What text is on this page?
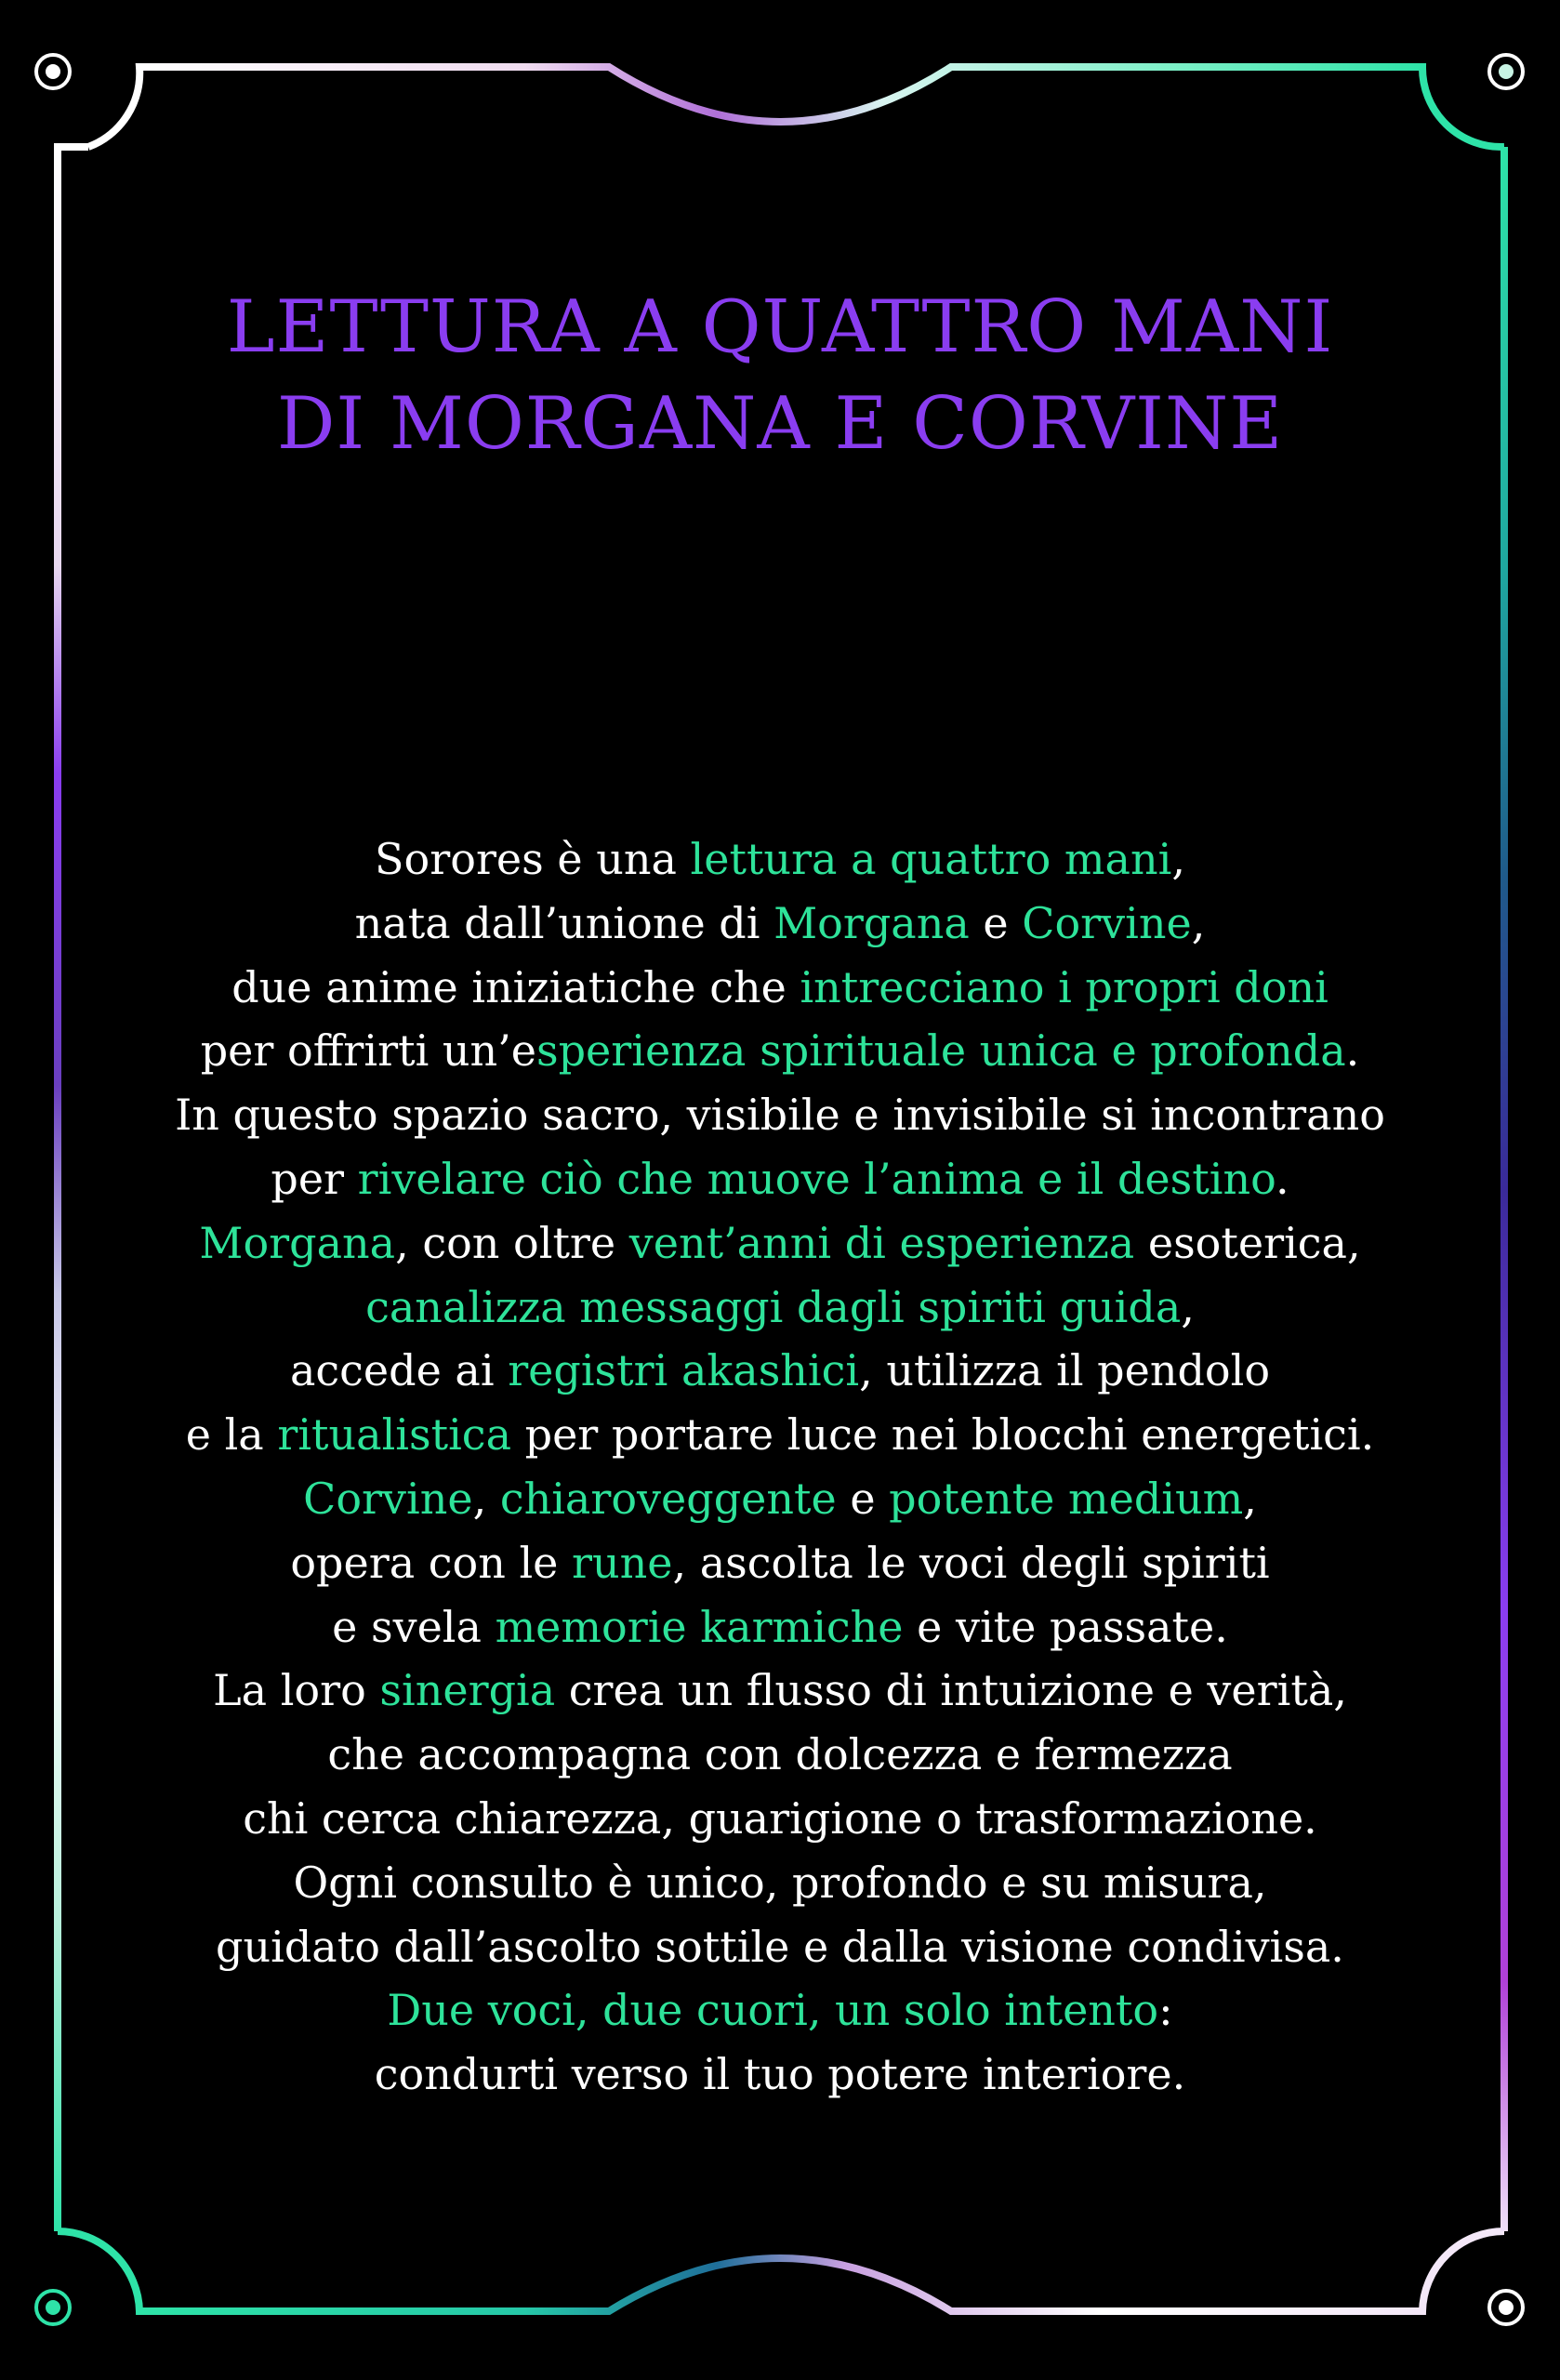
LETTURA A QUATTRO MANI
DI MORGANA E CORVINE
Sorores è una lettura a quattro mani,
nata dall’unione di Morgana e Corvine,
due anime iniziatiche che intrecciano i propri doni
per offrirti un’esperienza spirituale unica e profonda.
In questo spazio sacro, visibile e invisibile si incontrano
per rivelare ciò che muove l’anima e il destino.
Morgana, con oltre vent’anni di esperienza esoterica,
canalizza messaggi dagli spiriti guida,
accede ai registri akashici, utilizza il pendolo
e la ritualistica per portare luce nei blocchi energetici.
Corvine, chiaroveggente e potente medium,
opera con le rune, ascolta le voci degli spiriti
e svela memorie karmiche e vite passate.
La loro sinergia crea un flusso di intuizione e verità,
che accompagna con dolcezza e fermezza
chi cerca chiarezza, guarigione o trasformazione.
Ogni consulto è unico, profondo e su misura,
guidato dall’ascolto sottile e dalla visione condivisa.
Due voci, due cuori, un solo intento:
condurti verso il tuo potere interiore.
